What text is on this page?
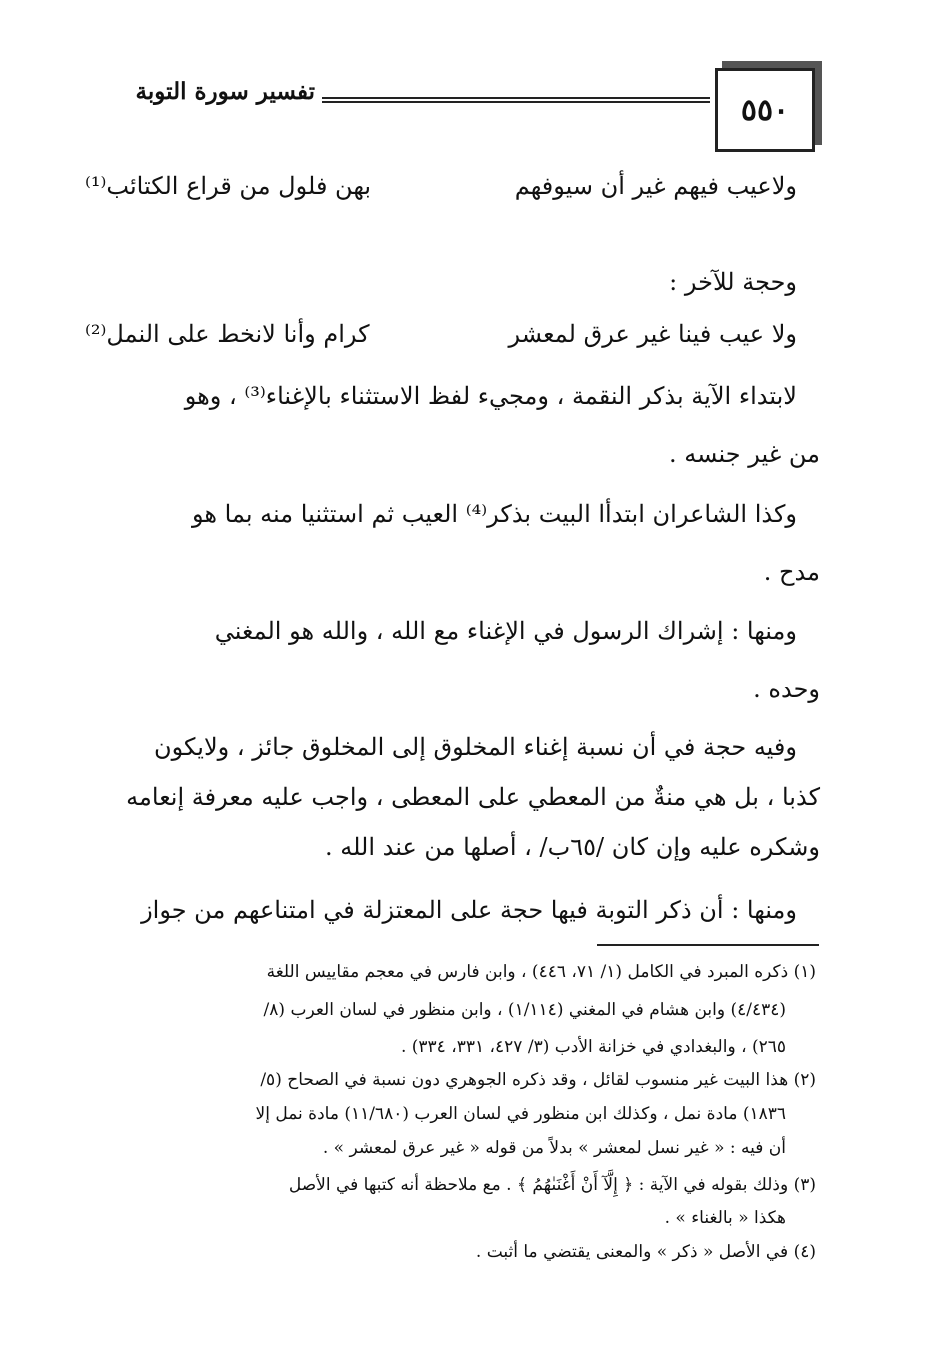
٥٥٠
تفسير سورة التوبة
ولاعيب فيهم غير أن سيوفهم
بهن فلول من قراع الكتائب⁽¹⁾
وحجة للآخر :
ولا عيب فينا غير عرق لمعشر
كرام وأنا لانخط على النمل⁽²⁾
لابتداء الآية بذكر النقمة ، ومجيء لفظ الاستثناء بالإغناء⁽³⁾ ، وهو
من غير جنسه .
وكذا الشاعران ابتدأا البيت بذكر⁽⁴⁾ العيب ثم استثنيا منه بما هو
مدح .
ومنها : إشراك الرسول في الإغناء مع الله ، والله هو المغني
وحده .
وفيه حجة في أن نسبة إغناء المخلوق إلى المخلوق جائز ، ولايكون
كذبا ، بل هي منةٌ من المعطي على المعطى ، واجب عليه معرفة إنعامه
وشكره عليه وإن كان /٦٥ب/ ، أصلها من عند الله .
ومنها : أن ذكر التوبة فيها حجة على المعتزلة في امتناعهم من جواز
(١) ذكره المبرد في الكامل (١/ ٧١، ٤٤٦) ، وابن فارس في معجم مقاييس اللغة
(٤/٤٣٤) وابن هشام في المغني (١/١١٤) ، وابن منظور في لسان العرب (٨/
٢٦٥) ، والبغدادي في خزانة الأدب (٣/ ٤٢٧، ٣٣١، ٣٣٤) .
(٢) هذا البيت غير منسوب لقائل ، وقد ذكره الجوهري دون نسبة في الصحاح (٥/
١٨٣٦) مادة نمل ، وكذلك ابن منظور في لسان العرب (١١/٦٨٠) مادة نمل إلا
أن فيه : « غير نسل لمعشر » بدلاً من قوله « غير عرق لمعشر » .
(٣) وذلك بقوله في الآية : ﴿ إِلَّآ أَنْ أَغْنَىٰهُمُ ﴾ . مع ملاحظة أنه كتبها في الأصل
هكذا « بالغناء » .
(٤) في الأصل « ذكر » والمعنى يقتضي ما أثبت .
